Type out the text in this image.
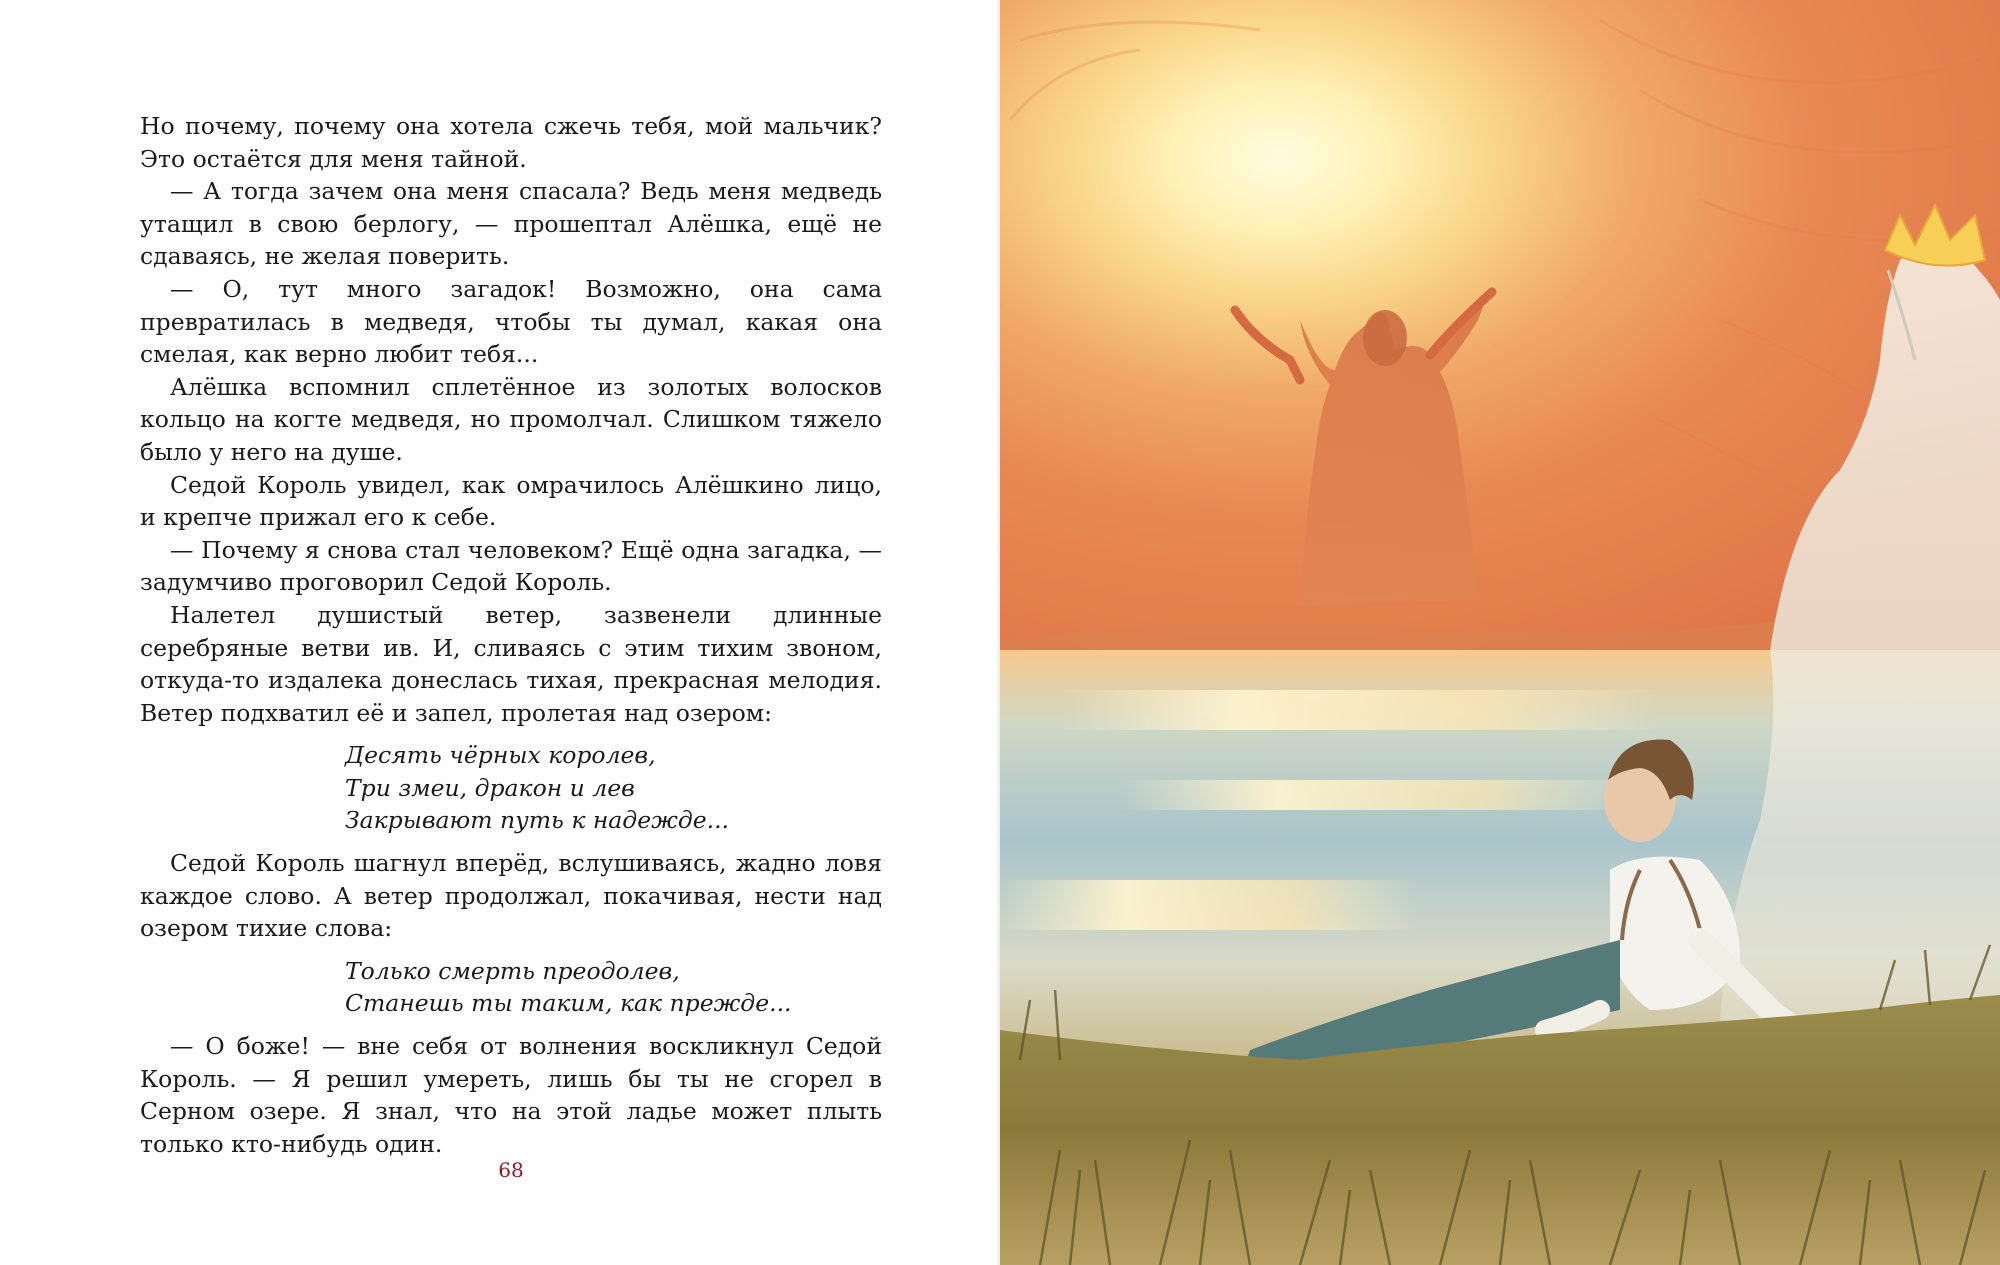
Но почему, почему она хотела сжечь тебя, мой мальчик? Это остаётся для меня тайной.

— А тогда зачем она меня спасала? Ведь меня медведь утащил в свою берлогу, — прошептал Алёшка, ещё не сдаваясь, не желая поверить.

— О, тут много загадок! Возможно, она сама превратилась в медведя, чтобы ты думал, какая она смелая, как верно любит тебя...

Алёшка вспомнил сплетённое из золотых волосков кольцо на когте медведя, но промолчал. Слишком тяжело было у него на душе.

Седой Король увидел, как омрачилось Алёшкино лицо, и крепче прижал его к себе.

— Почему я снова стал человеком? Ещё одна загадка, — задумчиво проговорил Седой Король.

Налетел душистый ветер, зазвенели длинные серебряные ветви ив. И, сливаясь с этим тихим звоном, откуда-то издалека донеслась тихая, прекрасная мелодия. Ветер подхватил её и запел, пролетая над озером:

Десять чёрных королев,
Три змеи, дракон и лев
Закрывают путь к надежде...

Седой Король шагнул вперёд, вслушиваясь, жадно ловя каждое слово. А ветер продолжал, покачивая, нести над озером тихие слова:

Только смерть преодолев,
Станешь ты таким, как прежде...

— О боже! — вне себя от волнения воскликнул Седой Король. — Я решил умереть, лишь бы ты не сгорел в Серном озере. Я знал, что на этой ладье может плыть только кто-нибудь один.

68
